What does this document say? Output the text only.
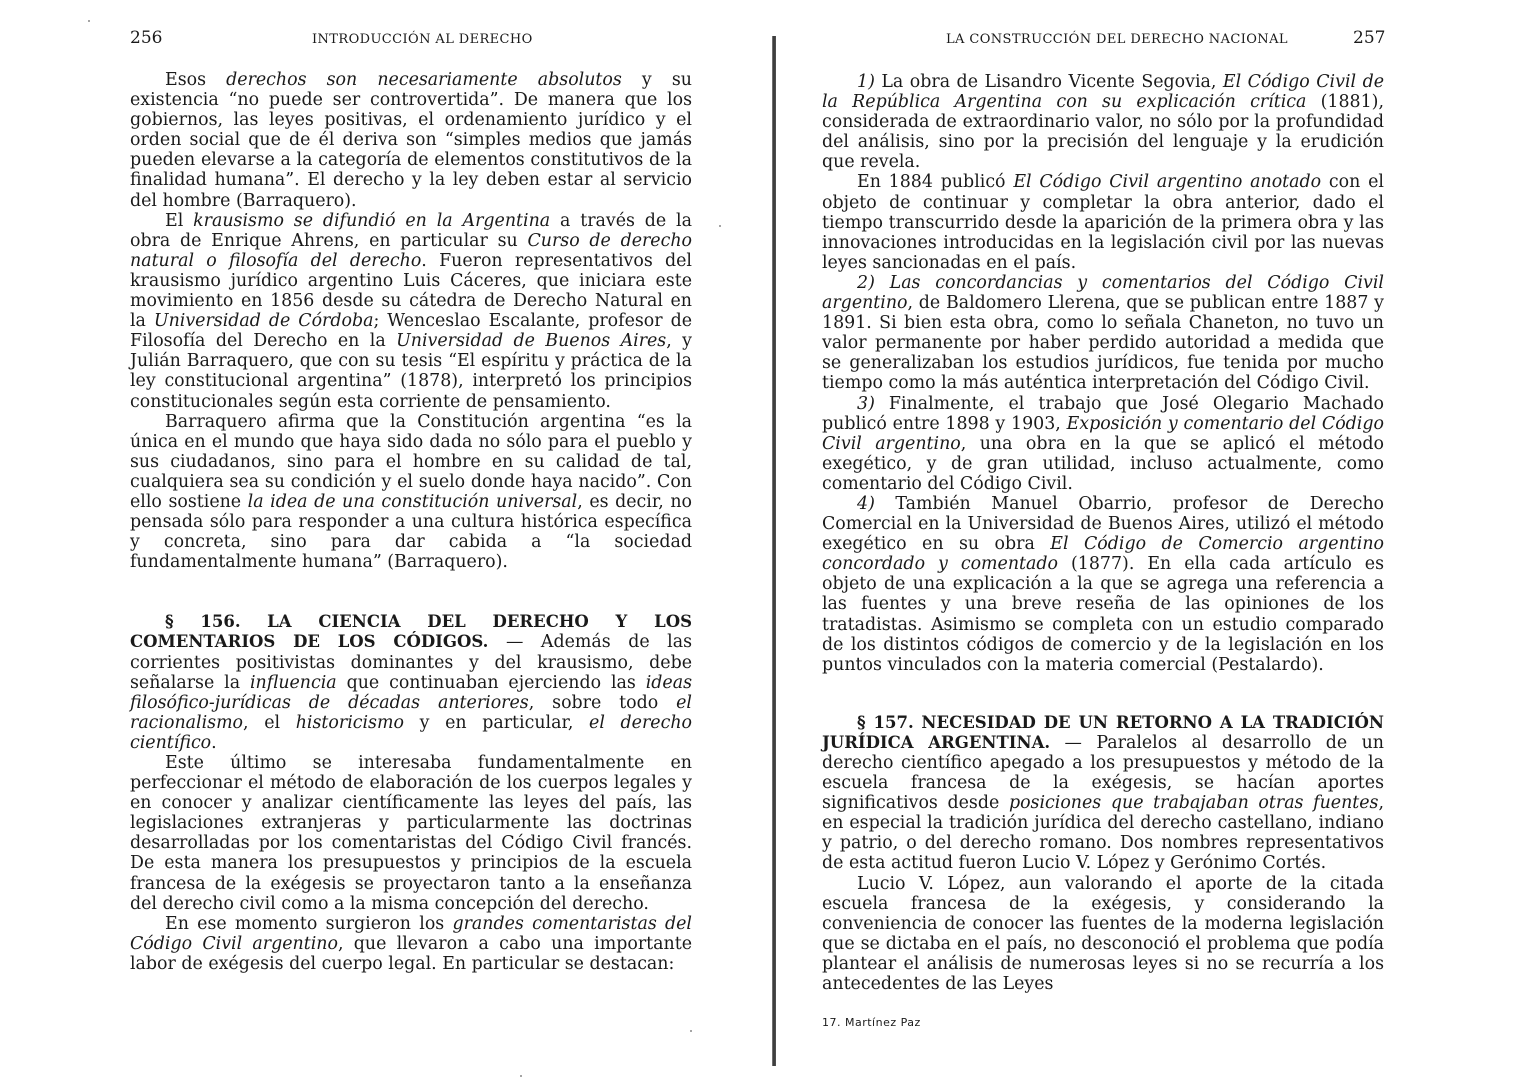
256	INTRODUCCIÓN AL DERECHO

Esos derechos son necesariamente absolutos y su existencia “no puede ser controvertida”. De manera que los gobiernos, las leyes positivas, el ordenamiento jurídico y el orden social que de él deriva son “simples medios que jamás pueden elevarse a la categoría de elementos constitutivos de la finalidad humana”. El derecho y la ley deben estar al servicio del hombre (Barraquero).

El krausismo se difundió en la Argentina a través de la obra de Enrique Ahrens, en particular su Curso de derecho natural o filosofía del derecho. Fueron representativos del krausismo jurídico argentino Luis Cáceres, que iniciara este movimiento en 1856 desde su cátedra de Derecho Natural en la Universidad de Córdoba; Wenceslao Escalante, profesor de Filosofía del Derecho en la Universidad de Buenos Aires, y Julián Barraquero, que con su tesis “El espíritu y práctica de la ley constitucional argentina” (1878), interpretó los principios constitucionales según esta corriente de pensamiento.

Barraquero afirma que la Constitución argentina “es la única en el mundo que haya sido dada no sólo para el pueblo y sus ciudadanos, sino para el hombre en su calidad de tal, cualquiera sea su condición y el suelo donde haya nacido”. Con ello sostiene la idea de una constitución universal, es decir, no pensada sólo para responder a una cultura histórica específica y concreta, sino para dar cabida a “la sociedad fundamentalmente humana” (Barraquero).

§ 156. LA CIENCIA DEL DERECHO Y LOS COMENTARIOS DE LOS CÓDIGOS. — Además de las corrientes positivistas dominantes y del krausismo, debe señalarse la influencia que continuaban ejerciendo las ideas filosófico-jurídicas de décadas anteriores, sobre todo el racionalismo, el historicismo y en particular, el derecho científico.

Este último se interesaba fundamentalmente en perfeccionar el método de elaboración de los cuerpos legales y en conocer y analizar científicamente las leyes del país, las legislaciones extranjeras y particularmente las doctrinas desarrolladas por los comentaristas del Código Civil francés. De esta manera los presupuestos y principios de la escuela francesa de la exégesis se proyectaron tanto a la enseñanza del derecho civil como a la misma concepción del derecho.

En ese momento surgieron los grandes comentaristas del Código Civil argentino, que llevaron a cabo una importante labor de exégesis del cuerpo legal. En particular se destacan:

LA CONSTRUCCIÓN DEL DERECHO NACIONAL	257

1) La obra de Lisandro Vicente Segovia, El Código Civil de la República Argentina con su explicación crítica (1881), considerada de extraordinario valor, no sólo por la profundidad del análisis, sino por la precisión del lenguaje y la erudición que revela.

En 1884 publicó El Código Civil argentino anotado con el objeto de continuar y completar la obra anterior, dado el tiempo transcurrido desde la aparición de la primera obra y las innovaciones introducidas en la legislación civil por las nuevas leyes sancionadas en el país.

2) Las concordancias y comentarios del Código Civil argentino, de Baldomero Llerena, que se publican entre 1887 y 1891. Si bien esta obra, como lo señala Chaneton, no tuvo un valor permanente por haber perdido autoridad a medida que se generalizaban los estudios jurídicos, fue tenida por mucho tiempo como la más auténtica interpretación del Código Civil.

3) Finalmente, el trabajo que José Olegario Machado publicó entre 1898 y 1903, Exposición y comentario del Código Civil argentino, una obra en la que se aplicó el método exegético, y de gran utilidad, incluso actualmente, como comentario del Código Civil.

4) También Manuel Obarrio, profesor de Derecho Comercial en la Universidad de Buenos Aires, utilizó el método exegético en su obra El Código de Comercio argentino concordado y comentado (1877). En ella cada artículo es objeto de una explicación a la que se agrega una referencia a las fuentes y una breve reseña de las opiniones de los tratadistas. Asimismo se completa con un estudio comparado de los distintos códigos de comercio y de la legislación en los puntos vinculados con la materia comercial (Pestalardo).

§ 157. NECESIDAD DE UN RETORNO A LA TRADICIÓN JURÍDICA ARGENTINA. — Paralelos al desarrollo de un derecho científico apegado a los presupuestos y método de la escuela francesa de la exégesis, se hacían aportes significativos desde posiciones que trabajaban otras fuentes, en especial la tradición jurídica del derecho castellano, indiano y patrio, o del derecho romano. Dos nombres representativos de esta actitud fueron Lucio V. López y Gerónimo Cortés.

Lucio V. López, aun valorando el aporte de la citada escuela francesa de la exégesis, y considerando la conveniencia de conocer las fuentes de la moderna legislación que se dictaba en el país, no desconoció el problema que podía plantear el análisis de numerosas leyes si no se recurría a los antecedentes de las Leyes

17. Martínez Paz
